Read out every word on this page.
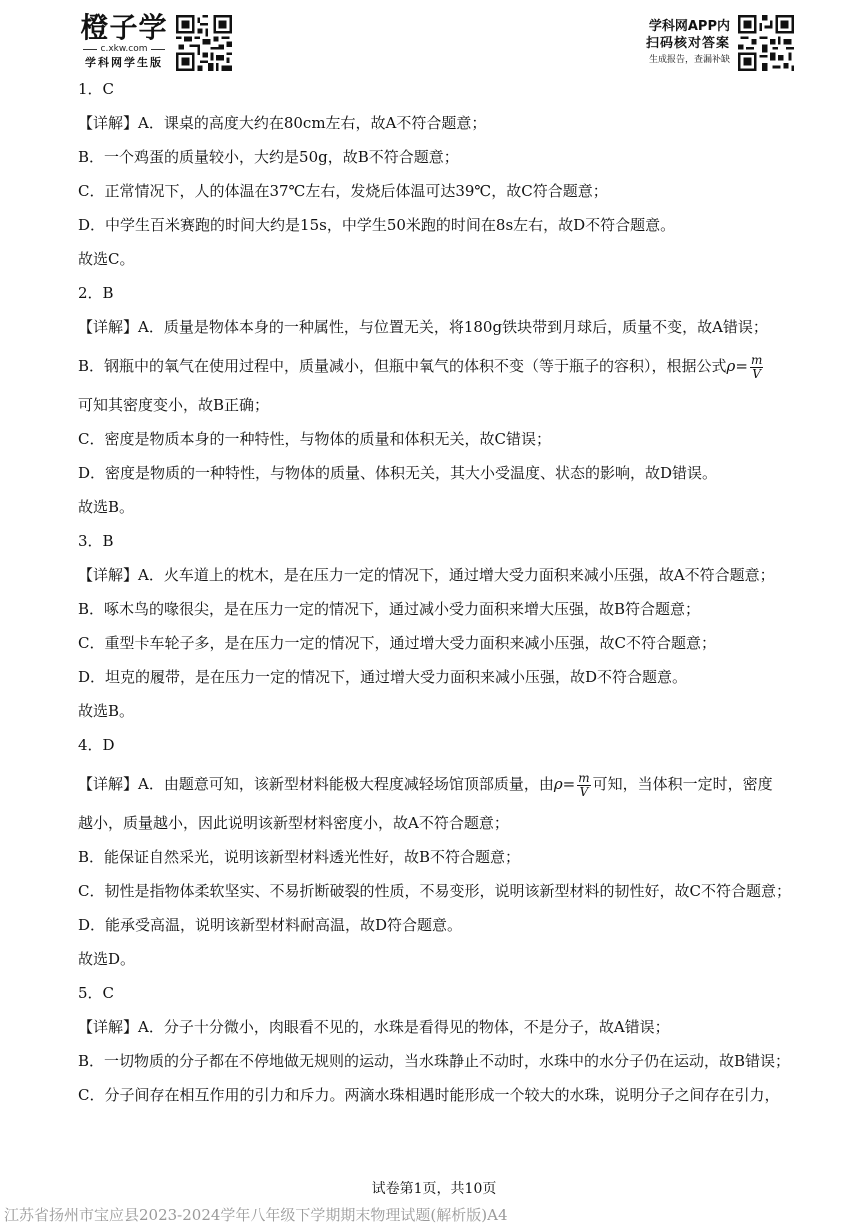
橙子学
c.xkw.com
学科网学生版
学科网APP内
扫码核对答案
生成报告，查漏补缺
1．C
【详解】A．课桌的高度大约在80cm左右，故A不符合题意；
B．一个鸡蛋的质量较小，大约是50g，故B不符合题意；
C．正常情况下，人的体温在37℃左右，发烧后体温可达39℃，故C符合题意；
D．中学生百米赛跑的时间大约是15s，中学生50米跑的时间在8s左右，故D不符合题意。
故选C。
2．B
【详解】A．质量是物体本身的一种属性，与位置无关，将180g铁块带到月球后，质量不变，故A错误；
B．钢瓶中的氧气在使用过程中，质量减小，但瓶中氧气的体积不变（等于瓶子的容积），根据公式$\rho= \frac{m}{V}$
可知其密度变小，故B正确；
C．密度是物质本身的一种特性，与物体的质量和体积无关，故C错误；
D．密度是物质的一种特性，与物体的质量、体积无关，其大小受温度、状态的影响，故D错误。
故选B。
3．B
【详解】A．火车道上的枕木，是在压力一定的情况下，通过增大受力面积来减小压强，故A不符合题意；
B．啄木鸟的喙很尖，是在压力一定的情况下，通过减小受力面积来增大压强，故B符合题意；
C．重型卡车轮子多，是在压力一定的情况下，通过增大受力面积来减小压强，故C不符合题意；
D．坦克的履带，是在压力一定的情况下，通过增大受力面积来减小压强，故D不符合题意。
故选B。
4．D
【详解】A．由题意可知，该新型材料能极大程度减轻场馆顶部质量，由$\rho= \frac{m}{V}$ 可知，当体积一定时，密度
越小，质量越小，因此说明该新型材料密度小，故A不符合题意；
B．能保证自然采光，说明该新型材料透光性好，故B不符合题意；
C．韧性是指物体柔软坚实、不易折断破裂的性质，不易变形，说明该新型材料的韧性好，故C不符合题意；
D．能承受高温，说明该新型材料耐高温，故D符合题意。
故选D。
5．C
【详解】A．分子十分微小，肉眼看不见的，水珠是看得见的物体，不是分子，故A错误；
B．一切物质的分子都在不停地做无规则的运动，当水珠静止不动时，水珠中的水分子仍在运动，故B错误；
C．分子间存在相互作用的引力和斥力。两滴水珠相遇时能形成一个较大的水珠，说明分子之间存在引力，
试卷第1页，共10页
江苏省扬州市宝应县2023-2024学年八年级下学期期末物理试题(解析版)A4
